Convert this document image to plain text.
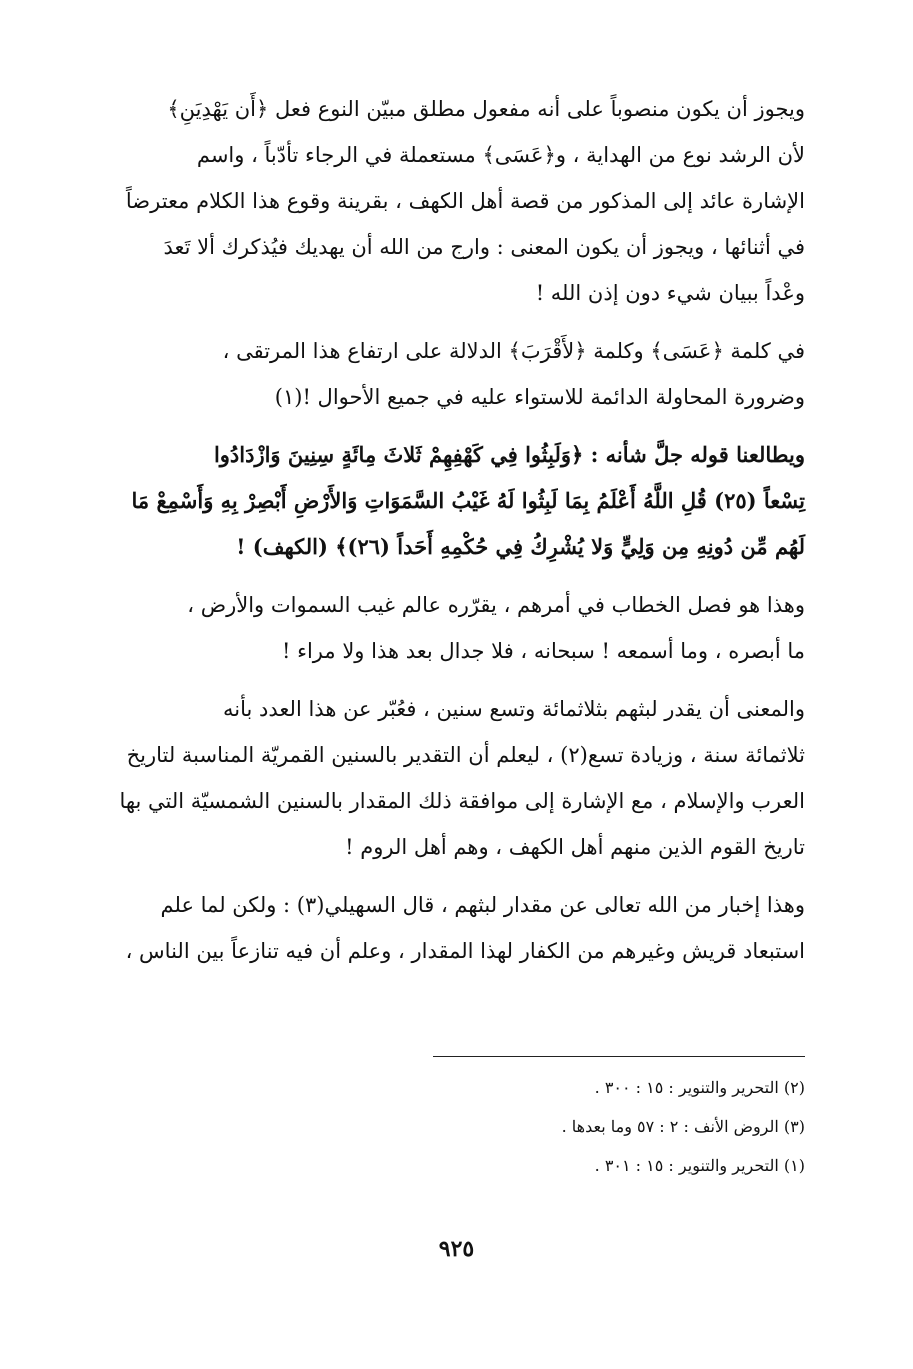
ويجوز أن يكون منصوباً على أنه مفعول مطلق مبيّن النوع فعل ﴿أَن يَهْدِيَنِ﴾
لأن الرشد نوع من الهداية ، و﴿عَسَى﴾ مستعملة في الرجاء تأدّباً ، واسم
الإشارة عائد إلى المذكور من قصة أهل الكهف ، بقرينة وقوع هذا الكلام معترضاً
في أثنائها ، ويجوز أن يكون المعنى : وارج من الله أن يهديك فيُذكرك ألا تَعدَ
وعْداً ببيان شيء دون إذن الله !

في كلمة ﴿عَسَى﴾ وكلمة ﴿لأَقْرَبَ﴾ الدلالة على ارتفاع هذا المرتقى ،
وضرورة المحاولة الدائمة للاستواء عليه في جميع الأحوال !(١)

ويطالعنا قوله جلَّ شأنه : ﴿وَلَبِثُوا فِي كَهْفِهِمْ ثَلاثَ مِائَةٍ سِنِينَ وَازْدَادُوا
تِسْعاً (٢٥) قُلِ اللَّهُ أَعْلَمُ بِمَا لَبِثُوا لَهُ غَيْبُ السَّمَوَاتِ وَالأَرْضِ أَبْصِرْ بِهِ وَأَسْمِعْ مَا
لَهُم مِّن دُونِهِ مِن وَلِيٍّ وَلا يُشْرِكُ فِي حُكْمِهِ أَحَداً (٢٦)﴾ (الكهف) !

وهذا هو فصل الخطاب في أمرهم ، يقرّره عالم غيب السموات والأرض ،
ما أبصره ، وما أسمعه ! سبحانه ، فلا جدال بعد هذا ولا مراء !

والمعنى أن يقدر لبثهم بثلاثمائة وتسع سنين ، فعُبّر عن هذا العدد بأنه
ثلاثمائة سنة ، وزيادة تسع(٢) ، ليعلم أن التقدير بالسنين القمريّة المناسبة لتاريخ
العرب والإسلام ، مع الإشارة إلى موافقة ذلك المقدار بالسنين الشمسيّة التي بها
تاريخ القوم الذين منهم أهل الكهف ، وهم أهل الروم !

وهذا إخبار من الله تعالى عن مقدار لبثهم ، قال السهيلي(٣) : ولكن لما علم
استبعاد قريش وغيرهم من الكفار لهذا المقدار ، وعلم أن فيه تنازعاً بين الناس ،

(٢) التحرير والتنوير : ١٥ : ٣٠٠ .

(٣) الروض الأنف : ٢ : ٥٧ وما بعدها .

(١) التحرير والتنوير : ١٥ : ٣٠١ .

٩٢٥
